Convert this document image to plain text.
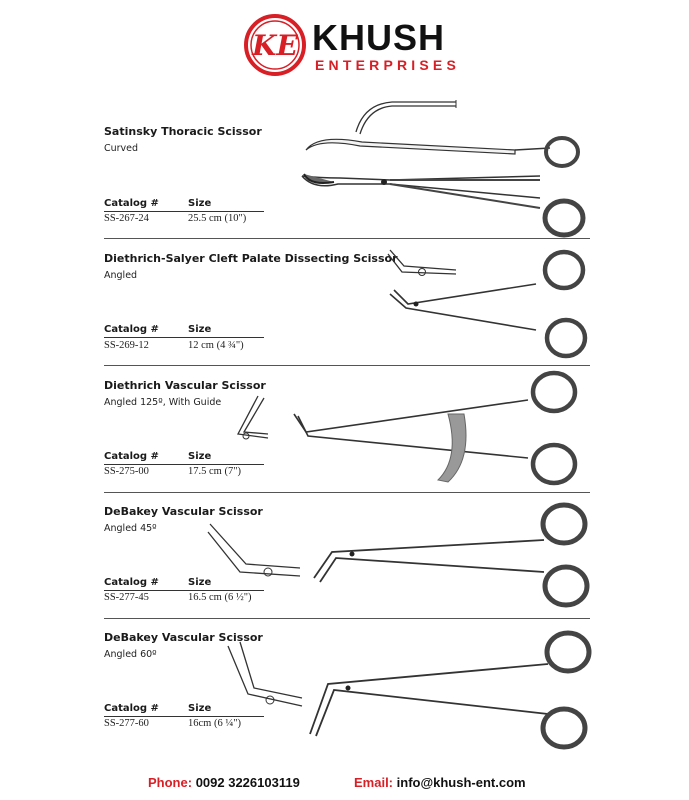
KE KHUSH
ENTERPRISES
Satinsky Thoracic Scissor
Curved
Catalog #	Size
SS-267-24	25.5 cm (10")
Diethrich-Salyer Cleft Palate Dissecting Scissor
Angled
Catalog #	Size
SS-269-12	12 cm (4 ¾")
Diethrich Vascular Scissor
Angled 125º, With Guide
Catalog #	Size
SS-275-00	17.5 cm (7")
DeBakey Vascular Scissor
Angled 45º
Catalog #	Size
SS-277-45	16.5 cm (6 ½")
DeBakey Vascular Scissor
Angled 60º
Catalog #	Size
SS-277-60	16cm (6 ¼")
Phone: 0092 3226103119	Email: info@khush-ent.com
